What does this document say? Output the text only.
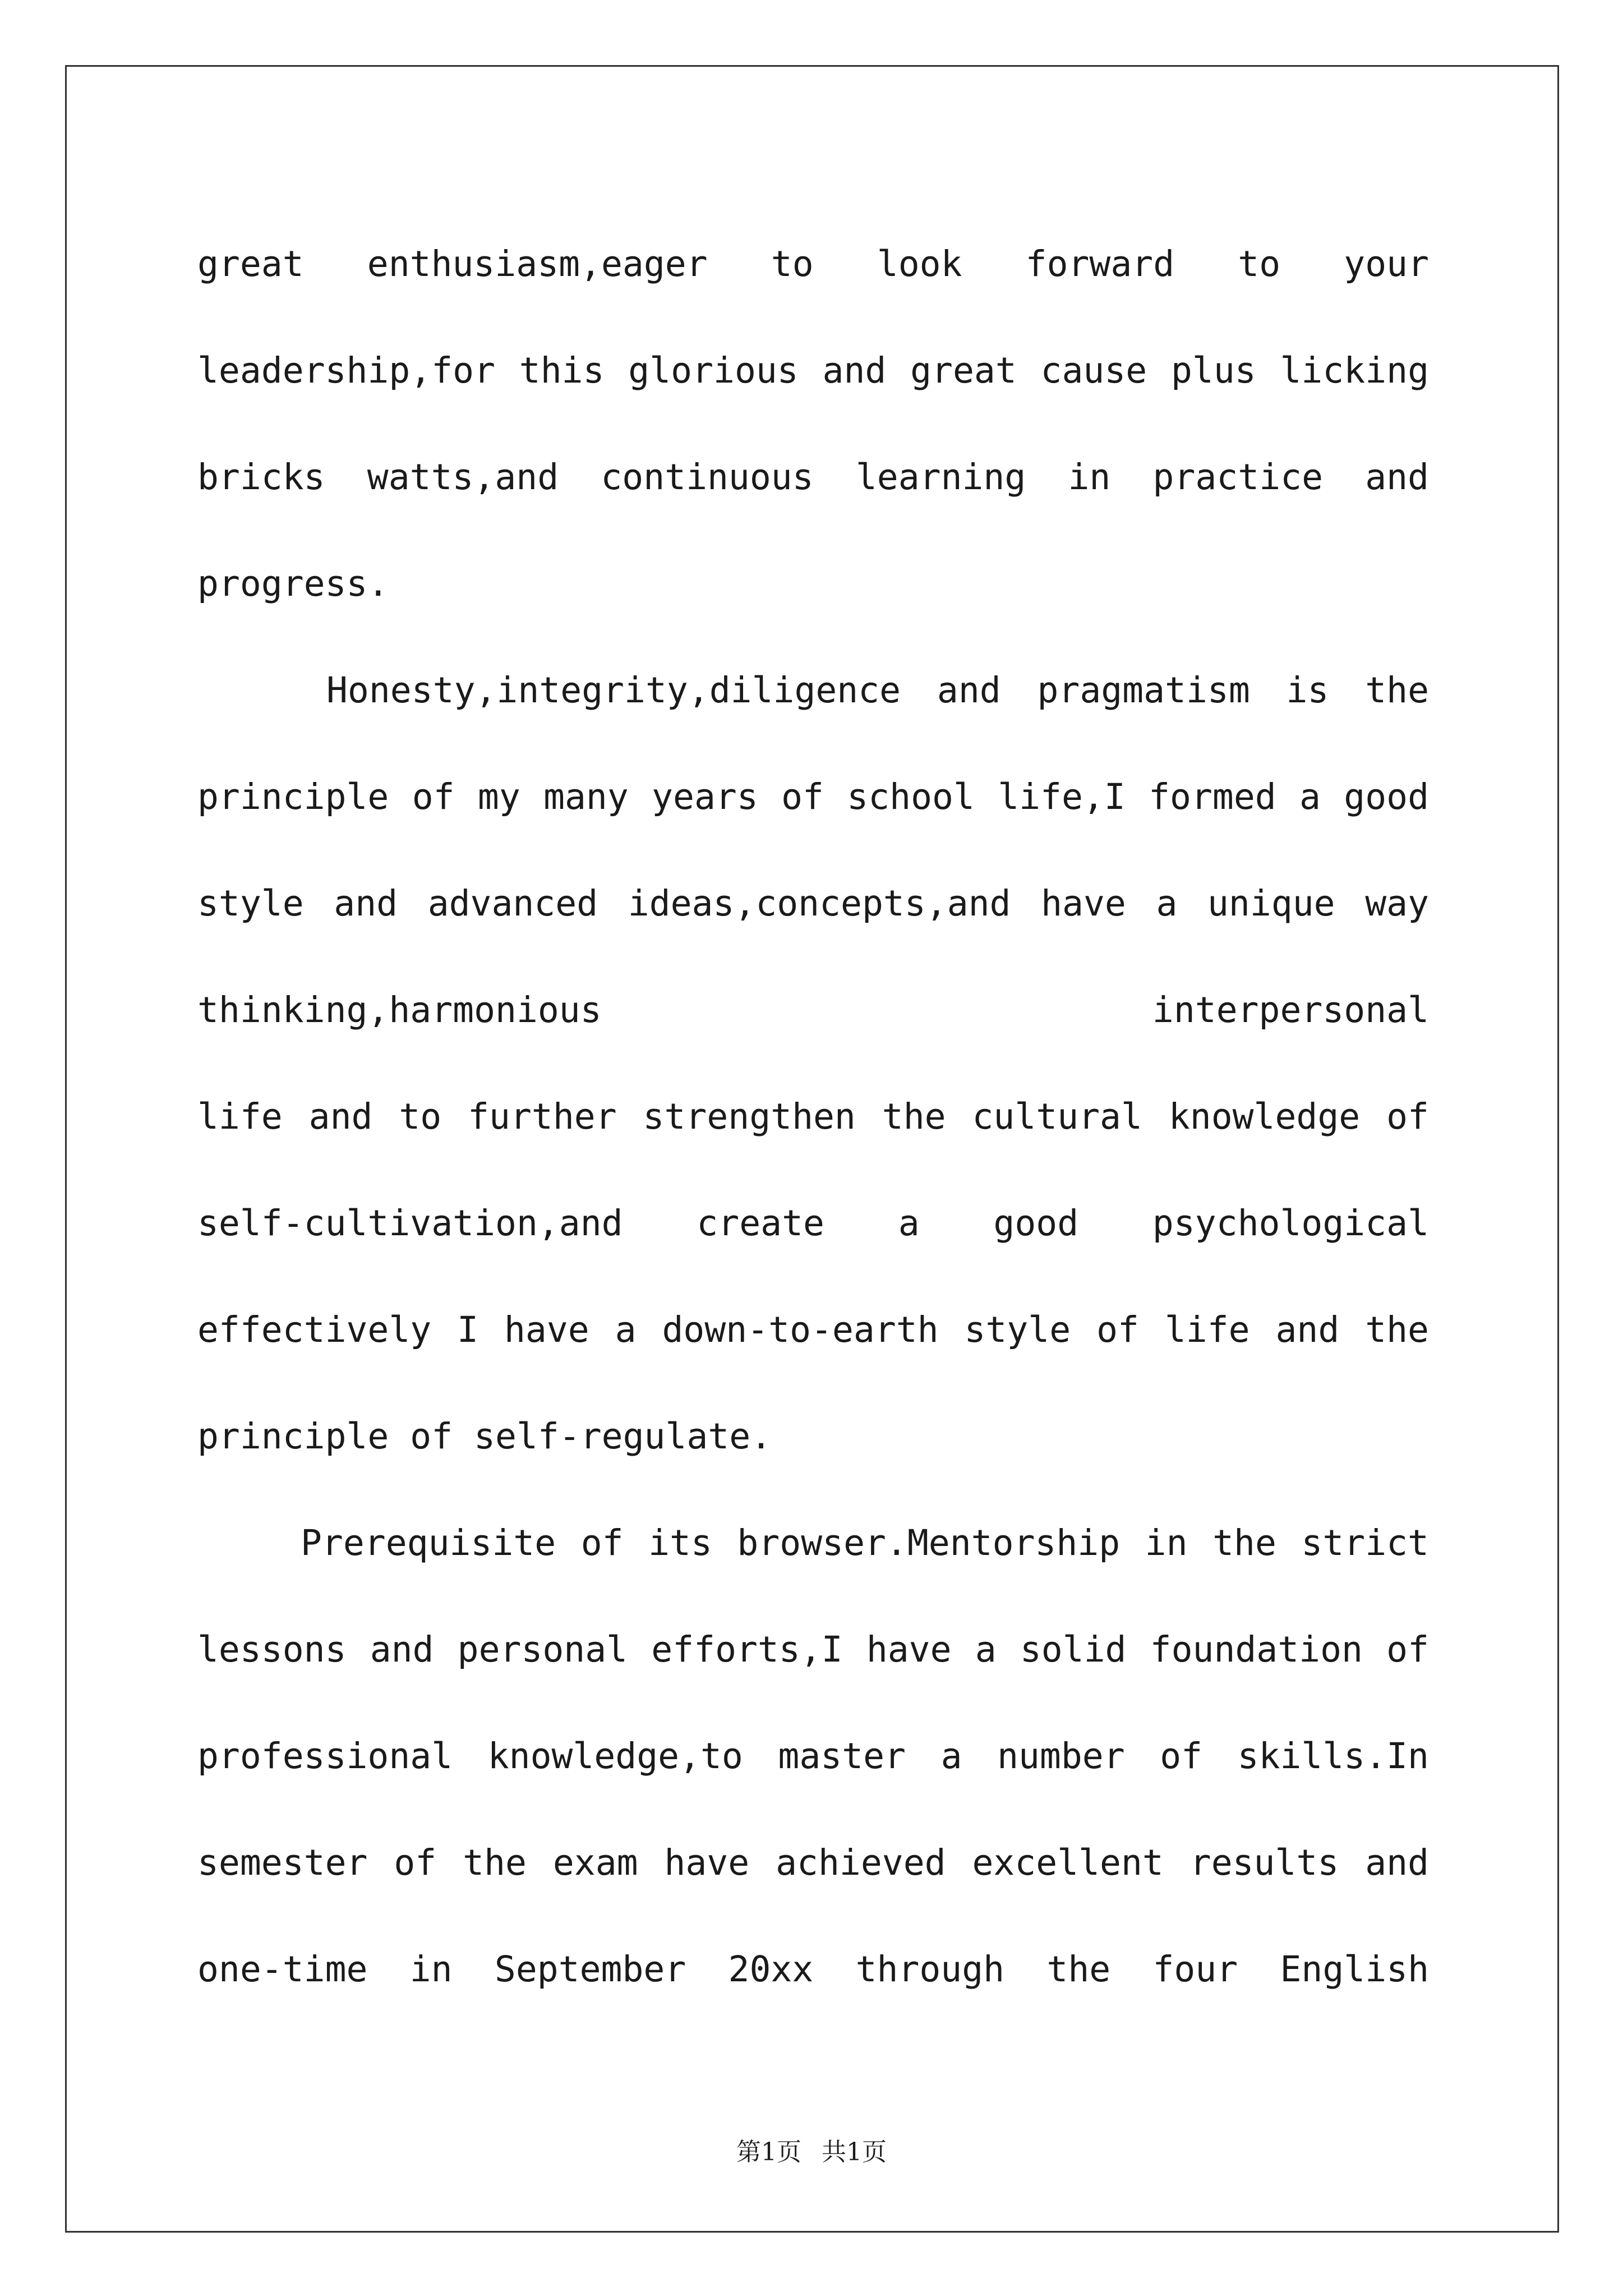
great enthusiasm,eager to look forward to your
leadership,for this glorious and great cause plus licking
bricks watts,and continuous learning in practice and
progress.
Honesty,integrity,diligence and pragmatism is the
principle of my many years of school life,I formed a good
style and advanced ideas,concepts,and have a unique way
thinking,harmonious interpersonal
life and to further strengthen the cultural knowledge of
self-cultivation,and create a good psychological
effectively I have a down-to-earth style of life and the
principle of self-regulate.
Prerequisite of its browser.Mentorship in the strict
lessons and personal efforts,I have a solid foundation of
professional knowledge,to master a number of skills.In
semester of the exam have achieved excellent results and
one-time in September 20xx through the four English
第1页 共1页
